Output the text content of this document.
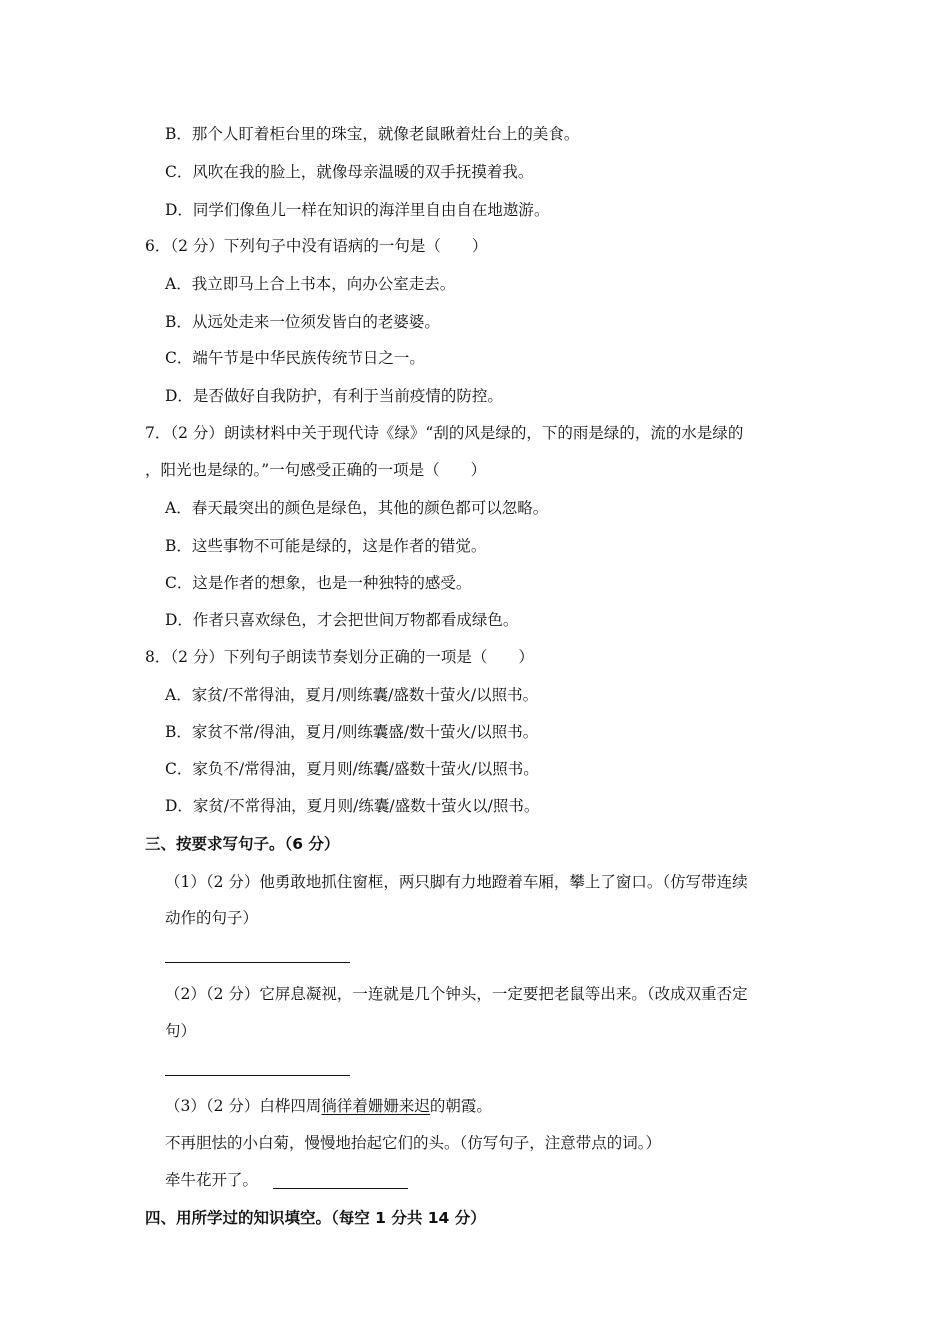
B．那个人盯着柜台里的珠宝，就像老鼠瞅着灶台上的美食。
C．风吹在我的脸上，就像母亲温暖的双手抚摸着我。
D．同学们像鱼儿一样在知识的海洋里自由自在地遨游。
6．（2 分）下列句子中没有语病的一句是（　　）
A．我立即马上合上书本，向办公室走去。
B．从远处走来一位须发皆白的老婆婆。
C．端午节是中华民族传统节日之一。
D．是否做好自我防护，有利于当前疫情的防控。
7．（2 分）朗读材料中关于现代诗《绿》“刮的风是绿的，下的雨是绿的，流的水是绿的
，阳光也是绿的。”一句感受正确的一项是（　　）
A．春天最突出的颜色是绿色，其他的颜色都可以忽略。
B．这些事物不可能是绿的，这是作者的错觉。
C．这是作者的想象，也是一种独特的感受。
D．作者只喜欢绿色，才会把世间万物都看成绿色。
8．（2 分）下列句子朗读节奏划分正确的一项是（　　）
A．家贫/不常得油，夏月/则练囊/盛数十萤火/以照书。
B．家贫不常/得油，夏月/则练囊盛/数十萤火/以照书。
C．家负不/常得油，夏月则/练囊/盛数十萤火/以照书。
D．家贫/不常得油，夏月则/练囊/盛数十萤火以/照书。
三、按要求写句子。（6 分）
（1）（2 分）他勇敢地抓住窗框，两只脚有力地蹬着车厢，攀上了窗口。（仿写带连续
动作的句子）
（2）（2 分）它屏息凝视，一连就是几个钟头，一定要把老鼠等出来。（改成双重否定
句）
（3）（2 分）白桦四周徜徉着姗姗来迟的朝霞。
不再胆怯的小白菊，慢慢地抬起它们的头。（仿写句子，注意带点的词。）
牵牛花开了。
四、用所学过的知识填空。（每空 1 分共 14 分）
